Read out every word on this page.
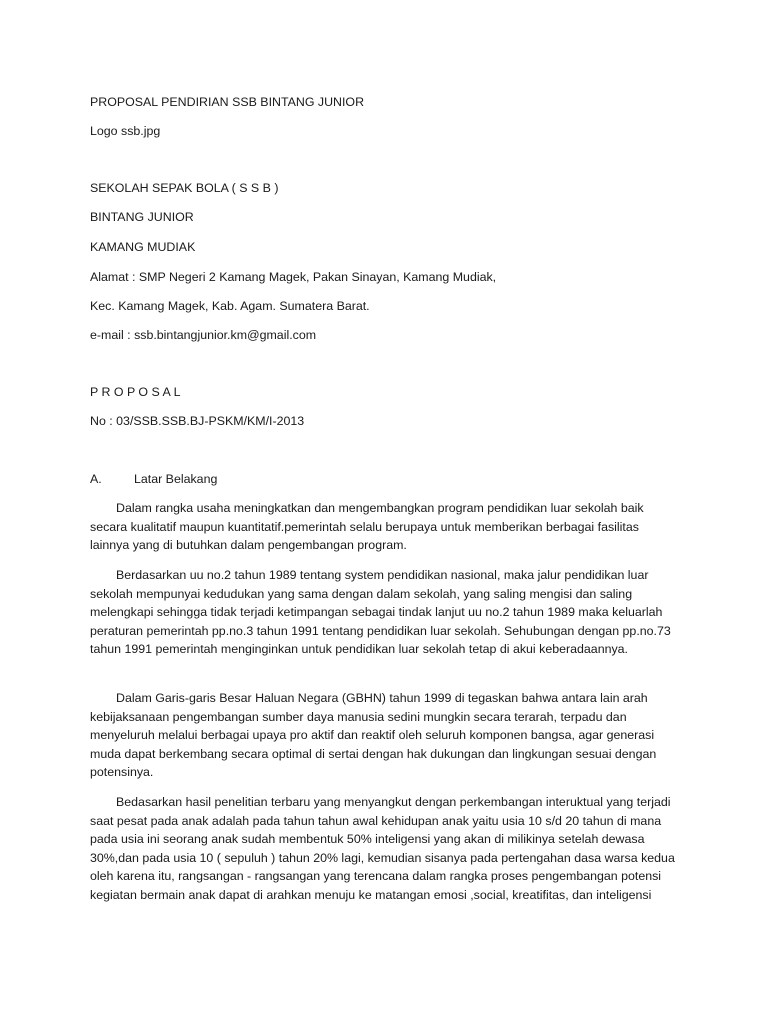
PROPOSAL PENDIRIAN SSB BINTANG JUNIOR
Logo ssb.jpg
SEKOLAH SEPAK BOLA ( S S B )
BINTANG JUNIOR
KAMANG MUDIAK
Alamat : SMP Negeri 2 Kamang Magek, Pakan Sinayan, Kamang Mudiak,
Kec. Kamang Magek, Kab. Agam. Sumatera Barat.
e-mail : ssb.bintangjunior.km@gmail.com
P R O P O S A L
No : 03/SSB.SSB.BJ-PSKM/KM/I-2013
A.	Latar Belakang
Dalam rangka usaha meningkatkan dan mengembangkan program pendidikan luar sekolah baik secara kualitatif maupun kuantitatif.pemerintah selalu berupaya untuk memberikan berbagai fasilitas lainnya yang di butuhkan dalam pengembangan program.
Berdasarkan uu no.2 tahun 1989 tentang system pendidikan nasional, maka jalur pendidikan luar sekolah mempunyai kedudukan yang sama dengan dalam sekolah, yang saling mengisi dan saling melengkapi sehingga tidak terjadi ketimpangan sebagai tindak lanjut uu no.2 tahun 1989 maka keluarlah peraturan pemerintah pp.no.3 tahun 1991 tentang pendidikan luar sekolah. Sehubungan dengan pp.no.73 tahun 1991 pemerintah menginginkan untuk pendidikan luar sekolah tetap di akui keberadaannya.
Dalam Garis-garis Besar Haluan Negara (GBHN) tahun 1999 di tegaskan bahwa antara lain arah kebijaksanaan pengembangan sumber daya manusia sedini mungkin secara terarah, terpadu dan menyeluruh melalui berbagai upaya pro aktif dan reaktif oleh seluruh komponen bangsa, agar generasi muda dapat berkembang secara optimal di sertai dengan hak dukungan dan lingkungan sesuai dengan potensinya.
Bedasarkan hasil penelitian terbaru yang menyangkut dengan perkembangan interuktual yang terjadi saat pesat pada anak adalah pada tahun tahun awal kehidupan anak yaitu usia 10 s/d 20 tahun di mana pada usia ini seorang anak sudah membentuk 50% inteligensi yang akan di milikinya setelah dewasa 30%,dan pada usia 10 ( sepuluh ) tahun 20% lagi, kemudian sisanya pada pertengahan dasa warsa kedua oleh karena itu, rangsangan - rangsangan yang terencana dalam rangka proses pengembangan potensi kegiatan bermain anak dapat di arahkan menuju ke matangan emosi ,social, kreatifitas, dan inteligensi
